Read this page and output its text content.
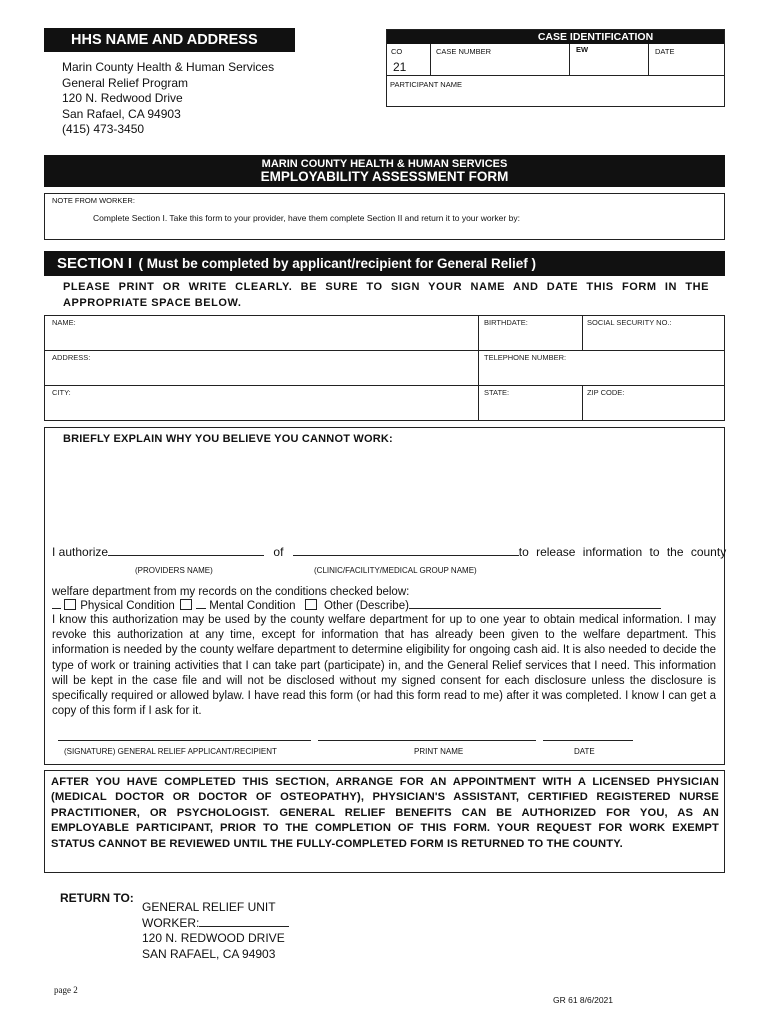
HHS NAME AND ADDRESS
Marin County Health & Human Services
General Relief Program
120 N. Redwood Drive
San Rafael, CA 94903
(415) 473-3450
CASE IDENTIFICATION
CO
21
CASE NUMBER	EW	DATE
PARTICIPANT NAME
MARIN COUNTY HEALTH & HUMAN SERVICES
EMPLOYABILITY ASSESSMENT FORM
NOTE FROM WORKER:
Complete Section I. Take this form to your provider, have them complete Section II and return it to your worker by:
SECTION I ( Must be completed by applicant/recipient for General Relief )
PLEASE PRINT OR WRITE CLEARLY. BE SURE TO SIGN YOUR NAME AND DATE THIS FORM IN THE APPROPRIATE SPACE BELOW.
NAME:	BIRTHDATE:	SOCIAL SECURITY NO.:
ADDRESS:	TELEPHONE NUMBER:
CITY:	STATE:	ZIP CODE:
BRIEFLY EXPLAIN WHY YOU BELIEVE YOU CANNOT WORK:
I authorize	of	to release information to the county
(PROVIDERS NAME)	(CLINIC/FACILITY/MEDICAL GROUP NAME)
welfare department from my records on the conditions checked below:
Physical Condition	Mental Condition Other (Describe)
I know this authorization may be used by the county welfare department for up to one year to obtain medical information. I may revoke this authorization at any time, except for information that has already been given to the welfare department. This information is needed by the county welfare department to determine eligibility for ongoing cash aid. It is also needed to decide the type of work or training activities that I can take part (participate) in, and the General Relief services that I need. This information will be kept in the case file and will not be disclosed without my signed consent for each disclosure unless the disclosure is specifically required or allowed bylaw. I have read this form (or had this form read to me) after it was completed. I know I can get a copy of this form if I ask for it.
(SIGNATURE) GENERAL RELIEF APPLICANT/RECIPIENT	PRINT NAME	DATE
AFTER YOU HAVE COMPLETED THIS SECTION, ARRANGE FOR AN APPOINTMENT WITH A LICENSED PHYSICIAN (MEDICAL DOCTOR OR DOCTOR OF OSTEOPATHY), PHYSICIAN'S ASSISTANT, CERTIFIED REGISTERED NURSE PRACTITIONER, OR PSYCHOLOGIST. GENERAL RELIEF BENEFITS CAN BE AUTHORIZED FOR YOU, AS AN EMPLOYABLE PARTICIPANT, PRIOR TO THE COMPLETION OF THIS FORM. YOUR REQUEST FOR WORK EXEMPT STATUS CANNOT BE REVIEWED UNTIL THE FULLY-COMPLETED FORM IS RETURNED TO THE COUNTY.
RETURN TO:
GENERAL RELIEF UNIT
WORKER:
120 N. REDWOOD DRIVE
SAN RAFAEL, CA 94903
page 2
GR 61 8/6/2021
